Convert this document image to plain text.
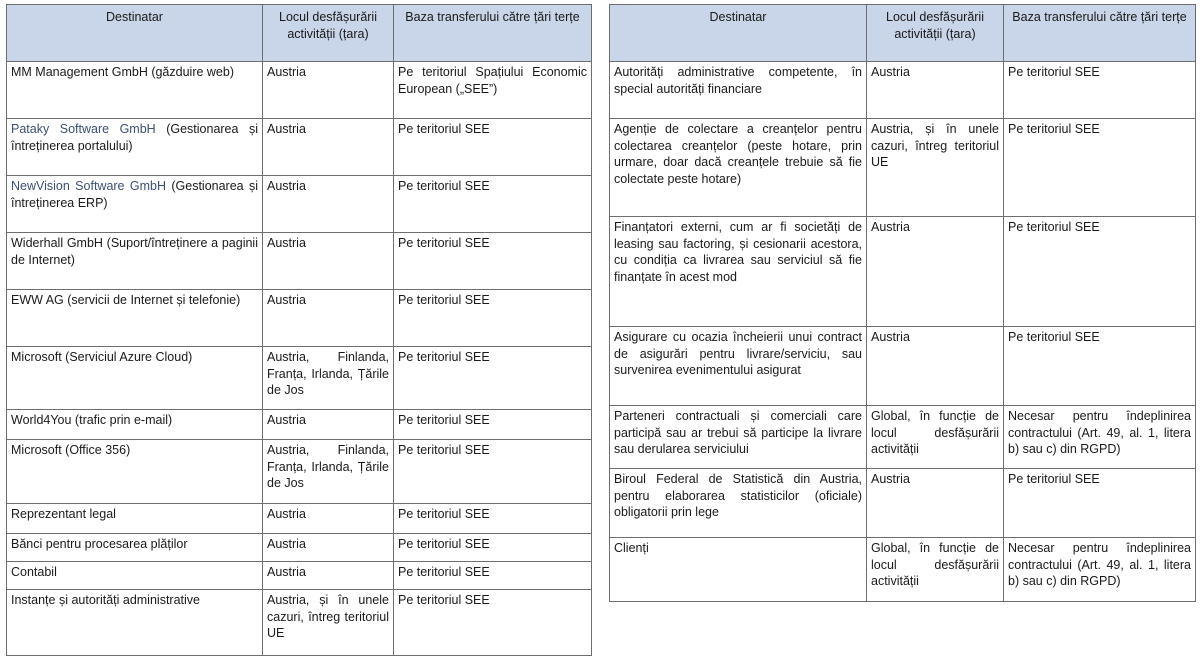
Destinatar	Locul desfășurării activității (țara)	Baza transferului către țări terțe
MM Management GmbH (găzduire web)	Austria	Pe teritoriul Spațiului Economic European („SEE”)
Pataky Software GmbH (Gestionarea și întreținerea portalului)	Austria	Pe teritoriul SEE
NewVision Software GmbH (Gestionarea și întreținerea ERP)	Austria	Pe teritoriul SEE
Widerhall GmbH (Suport/întreținere a paginii de Internet)	Austria	Pe teritoriul SEE
EWW AG (servicii de Internet și telefonie)	Austria	Pe teritoriul SEE
Microsoft (Serviciul Azure Cloud)	Austria, Finlanda, Franța, Irlanda, Țările de Jos	Pe teritoriul SEE
World4You (trafic prin e-mail)	Austria	Pe teritoriul SEE
Microsoft (Office 356)	Austria, Finlanda, Franța, Irlanda, Țările de Jos	Pe teritoriul SEE
Reprezentant legal	Austria	Pe teritoriul SEE
Bănci pentru procesarea plăților	Austria	Pe teritoriul SEE
Contabil	Austria	Pe teritoriul SEE
Instanțe și autorități administrative	Austria, și în unele cazuri, întreg teritoriul UE	Pe teritoriul SEE
Destinatar	Locul desfășurării activității (țara)	Baza transferului către țări terțe
Autorități administrative competente, în special autorități financiare	Austria	Pe teritoriul SEE
Agenție de colectare a creanțelor pentru colectarea creanțelor (peste hotare, prin urmare, doar dacă creanțele trebuie să fie colectate peste hotare)	Austria, și în unele cazuri, întreg teritoriul UE	Pe teritoriul SEE
Finanțatori externi, cum ar fi societăți de leasing sau factoring, și cesionarii acestora, cu condiția ca livrarea sau serviciul să fie finanțate în acest mod	Austria	Pe teritoriul SEE
Asigurare cu ocazia încheierii unui contract de asigurări pentru livrare/serviciu, sau survenirea evenimentului asigurat	Austria	Pe teritoriul SEE
Parteneri contractuali și comerciali care participă sau ar trebui să participe la livrare sau derularea serviciului	Global, în funcție de locul desfășurării activității	Necesar pentru îndeplinirea contractului (Art. 49, al. 1, litera b) sau c) din RGPD)
Biroul Federal de Statistică din Austria, pentru elaborarea statisticilor (oficiale) obligatorii prin lege	Austria	Pe teritoriul SEE
Clienți	Global, în funcție de locul desfășurării activității	Necesar pentru îndeplinirea contractului (Art. 49, al. 1, litera b) sau c) din RGPD)
